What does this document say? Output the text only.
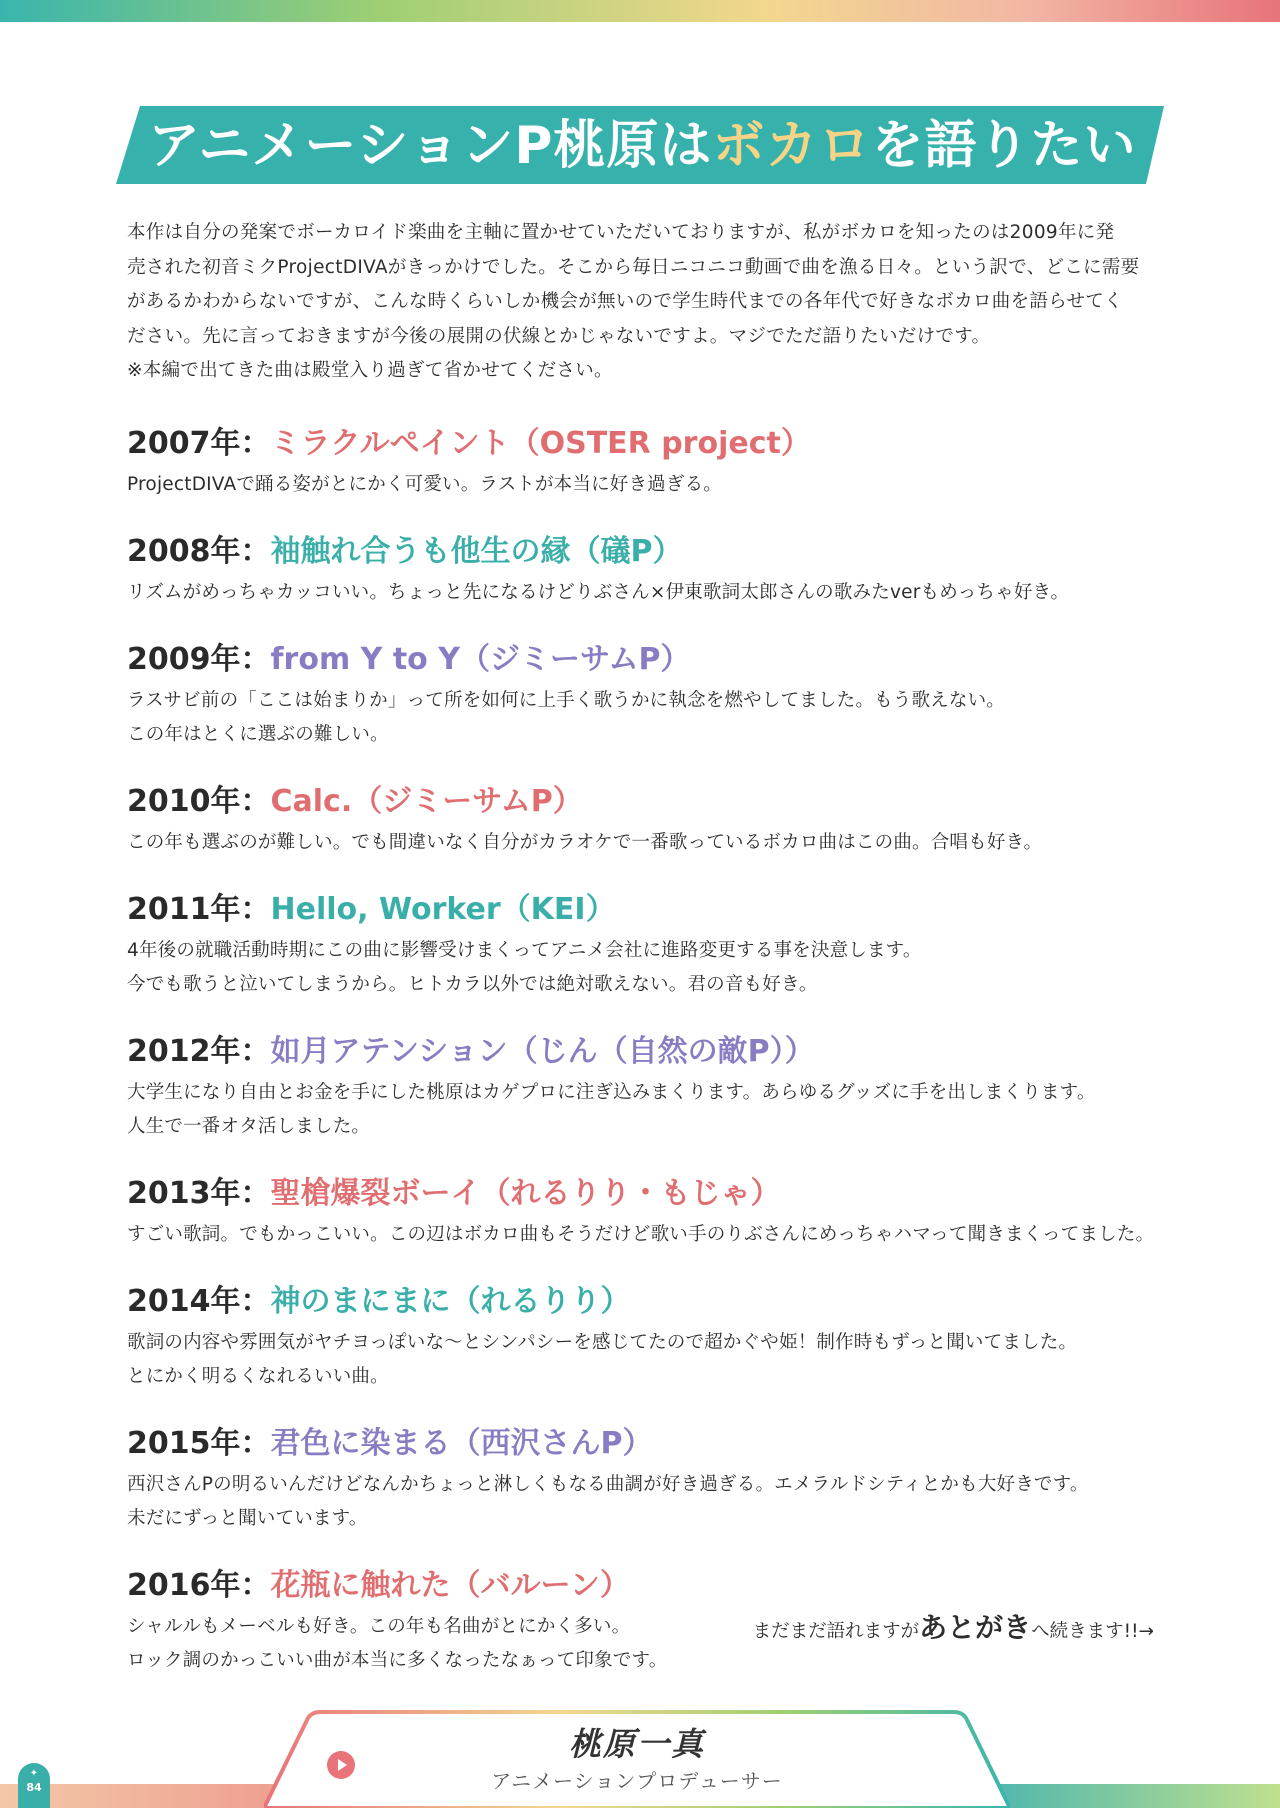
アニメーションP桃原はボカロを語りたい

本作は自分の発案でボーカロイド楽曲を主軸に置かせていただいておりますが、私がボカロを知ったのは2009年に発

売された初音ミクProjectDIVAがきっかけでした。そこから毎日ニコニコ動画で曲を漁る日々。という訳で、どこに需要

があるかわからないですが、こんな時くらいしか機会が無いので学生時代までの各年代で好きなボカロ曲を語らせてく

ださい。先に言っておきますが今後の展開の伏線とかじゃないですよ。マジでただ語りたいだけです。

※本編で出てきた曲は殿堂入り過ぎて省かせてください。

2007年：ミラクルペイント（OSTER project）
ProjectDIVAで踊る姿がとにかく可愛い。ラストが本当に好き過ぎる。
2008年：袖触れ合うも他生の縁（礒P）
リズムがめっちゃカッコいい。ちょっと先になるけどりぶさん×伊東歌詞太郎さんの歌みたverもめっちゃ好き。
2009年：from Y to Y（ジミーサムP）
ラスサビ前の「ここは始まりか」って所を如何に上手く歌うかに執念を燃やしてました。もう歌えない。
この年はとくに選ぶの難しい。
2010年：Calc.（ジミーサムP）
この年も選ぶのが難しい。でも間違いなく自分がカラオケで一番歌っているボカロ曲はこの曲。合唱も好き。
2011年：Hello, Worker（KEI）
4年後の就職活動時期にこの曲に影響受けまくってアニメ会社に進路変更する事を決意します。
今でも歌うと泣いてしまうから。ヒトカラ以外では絶対歌えない。君の音も好き。
2012年：如月アテンション（じん（自然の敵P））
大学生になり自由とお金を手にした桃原はカゲプロに注ぎ込みまくります。あらゆるグッズに手を出しまくります。
人生で一番オタ活しました。
2013年：聖槍爆裂ボーイ（れるりり・もじゃ）
すごい歌詞。でもかっこいい。この辺はボカロ曲もそうだけど歌い手のりぶさんにめっちゃハマって聞きまくってました。
2014年：神のまにまに（れるりり）
歌詞の内容や雰囲気がヤチヨっぽいな〜とシンパシーを感じてたので超かぐや姫！制作時もずっと聞いてました。
とにかく明るくなれるいい曲。
2015年：君色に染まる（西沢さんP）
西沢さんPの明るいんだけどなんかちょっと淋しくもなる曲調が好き過ぎる。エメラルドシティとかも大好きです。
未だにずっと聞いています。
2016年：花瓶に触れた（バルーン）
シャルルもメーベルも好き。この年も名曲がとにかく多い。
ロック調のかっこいい曲が本当に多くなったなぁって印象です。
まだまだ語れますがあとがきへ続きます!!→
✦
84
桃原一真
アニメーションプロデューサー
